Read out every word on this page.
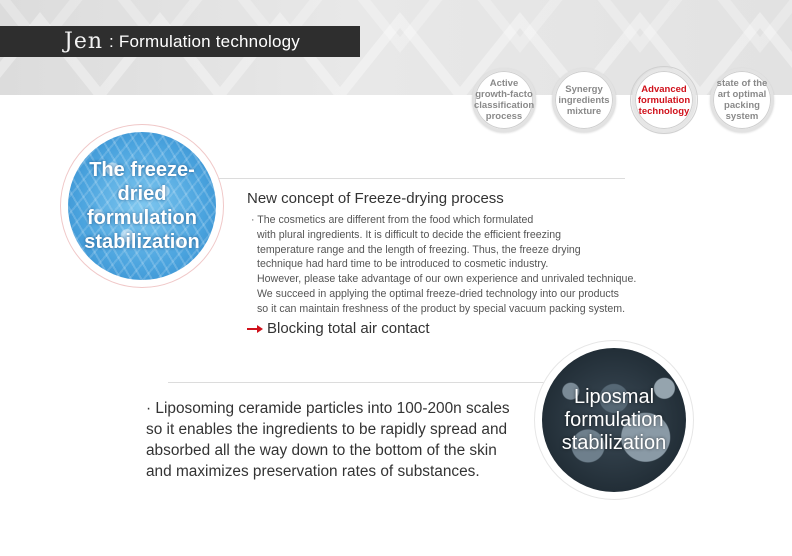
Jen : Formulation technology
Active growth-facto classification process
Synergy ingredients mixture
Advanced formulation technology
state of the art optimal packing system
The freeze-dried formulation stabilization
New concept of Freeze-drying process
· The cosmetics are different from the food which formulated
with plural ingredients. It is difficult to decide the efficient freezing
temperature range and the length of freezing. Thus, the freeze drying
technique had hard time to be introduced to cosmetic industry.
However, please take advantage of our own experience and unrivaled technique.
We succeed in applying the optimal freeze-dried technology into our products
so it can maintain freshness of the product by special vacuum packing system.
Blocking total air contact
· Liposoming ceramide particles into 100-200n scales
so it enables the ingredients to be rapidly spread and
absorbed all the way down to the bottom of the skin
and maximizes preservation rates of substances.
Liposmal formulation stabilization
